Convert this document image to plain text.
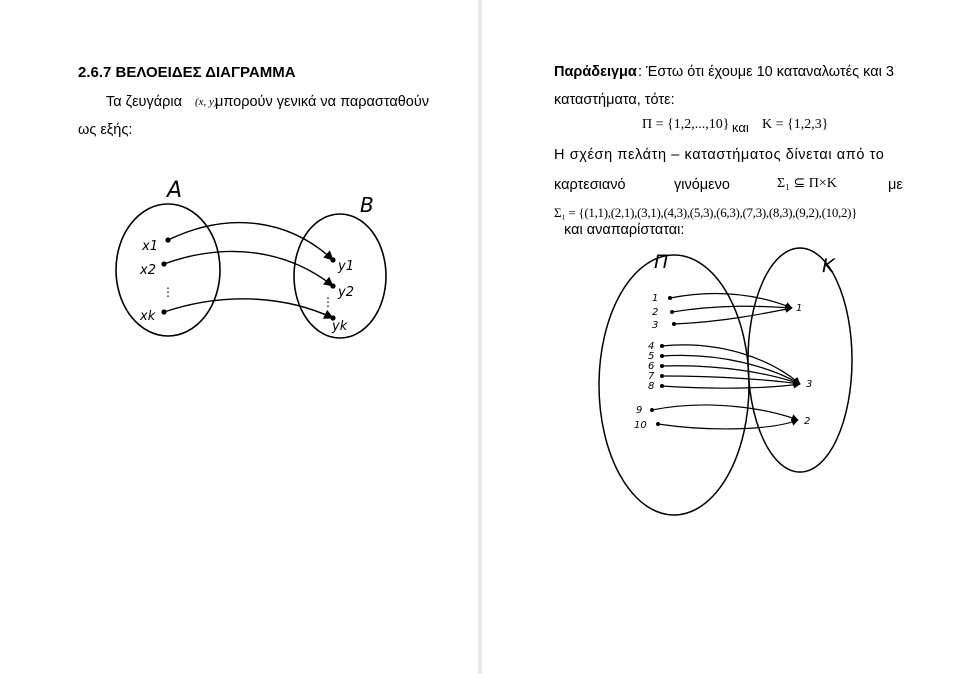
2.6.7 ΒΕΛΟΕΙΔΕΣ ΔΙΑΓΡΑΜΜΑ
Τα ζευγάρια (x, y)
μπορούν γενικά να παρασταθούν
ως εξής:
⋮
⋮
A
B
x1
x2
xk
y1
y2
yk
Παράδειγμα : Έστω ότι έχουμε 10 καταναλωτές και 3
καταστήματα, τότε:
Π = {1,2,...,10} και Κ = {1,2,3}
Η σχέση πελάτη – καταστήματος δίνεται από το
καρτεσιανό	γινόμενο	Σ₁ ⊆ Π×Κ	με
Σ₁ = {(1,1),(2,1),(3,1),(4,3),(5,3),(6,3),(7,3),(8,3),(9,2),(10,2)}
και αναπαρίσταται:
Π	Κ
1
2
3
4
5
6
7
8
9
10
1
3
2
